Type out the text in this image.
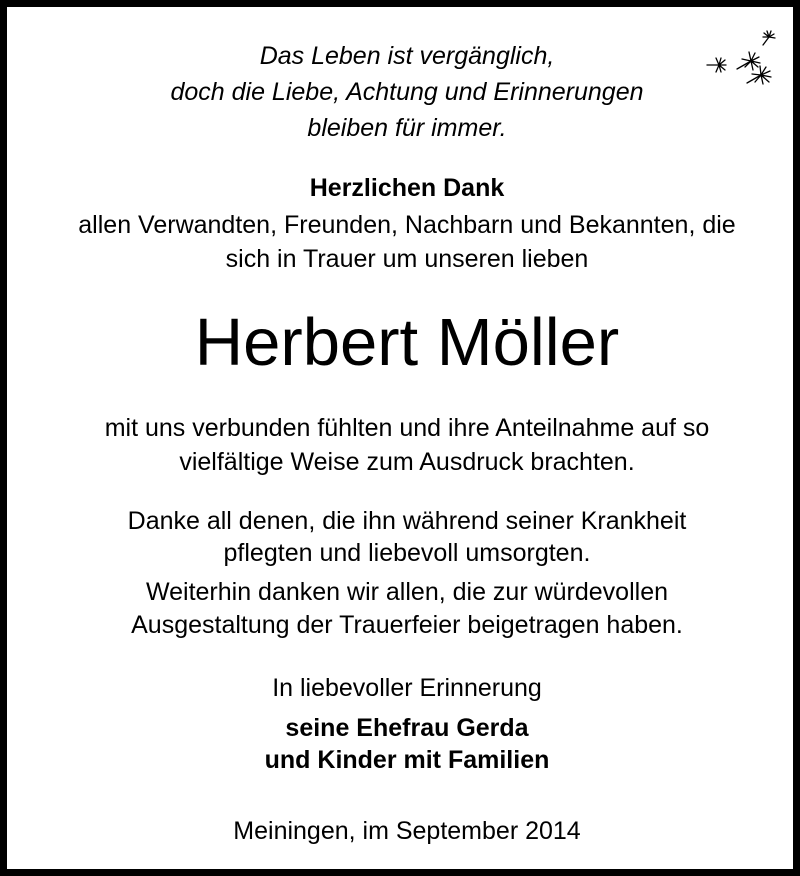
Das Leben ist vergänglich,
doch die Liebe, Achtung und Erinnerungen
bleiben für immer.
Herzlichen Dank
allen Verwandten, Freunden, Nachbarn und Bekannten, die
sich in Trauer um unseren lieben
Herbert Möller
mit uns verbunden fühlten und ihre Anteilnahme auf so
vielfältige Weise zum Ausdruck brachten.
Danke all denen, die ihn während seiner Krankheit
pflegten und liebevoll umsorgten.
Weiterhin danken wir allen, die zur würdevollen
Ausgestaltung der Trauerfeier beigetragen haben.
In liebevoller Erinnerung
seine Ehefrau Gerda
und Kinder mit Familien
Meiningen, im September 2014
